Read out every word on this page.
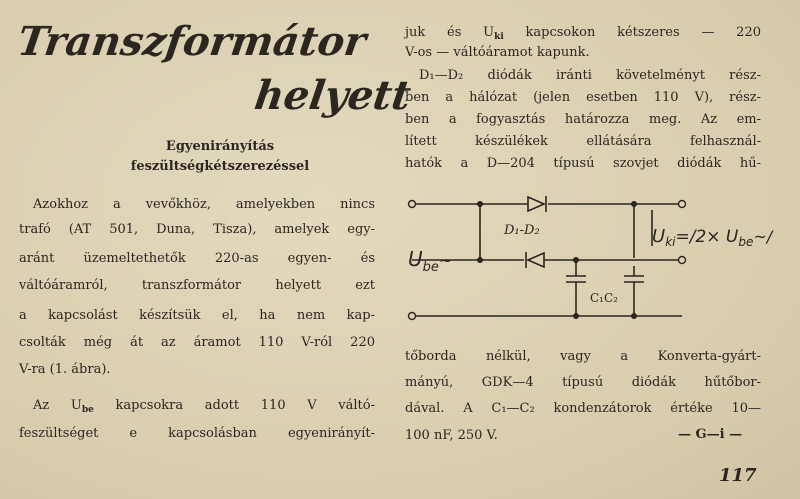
Transzformátor
helyett
Egyenirányítás
feszültségkétszerezéssel
Azokhoz a vevőkhöz, amelyekben nincs
trafó (AT 501, Duna, Tisza), amelyek egy-
aránt üzemeltethetők 220-as egyen- és
váltóáramról, transzformátor helyett ezt
a kapcsolást készítsük el, ha nem kap-
csolták még át az áramot 110 V-ról 220
V-ra (1. ábra).
Az $U_{be}$ kapcsokra adott 110 V váltó-
feszültséget e kapcsolásban egyenirányít-
juk és $U_{ki}$ kapcsokon kétszeres — 220
V-os — váltóáramot kapunk.
D₁—D₂ diódák iránti követelményt rész-
ben a hálózat (jelen esetben 110 V), rész-
ben a fogyasztás határozza meg. Az em-
lített készülékek ellátására felhasznál-
hatók a D—204 típusú szovjet diódák hű-
D₁-D₂
C₁C₂
$U_{be}^\sim$
$U_{ki}=/2\times$ $U_{be}\sim/$
tőborda nélkül, vagy a Konverta-gyárt-
mányú, GDK—4 típusú diódák hűtőbor-
dával. A C₁—C₂ kondenzátorok értéke 10—
100 nF, 250 V.	— G—i —
117
